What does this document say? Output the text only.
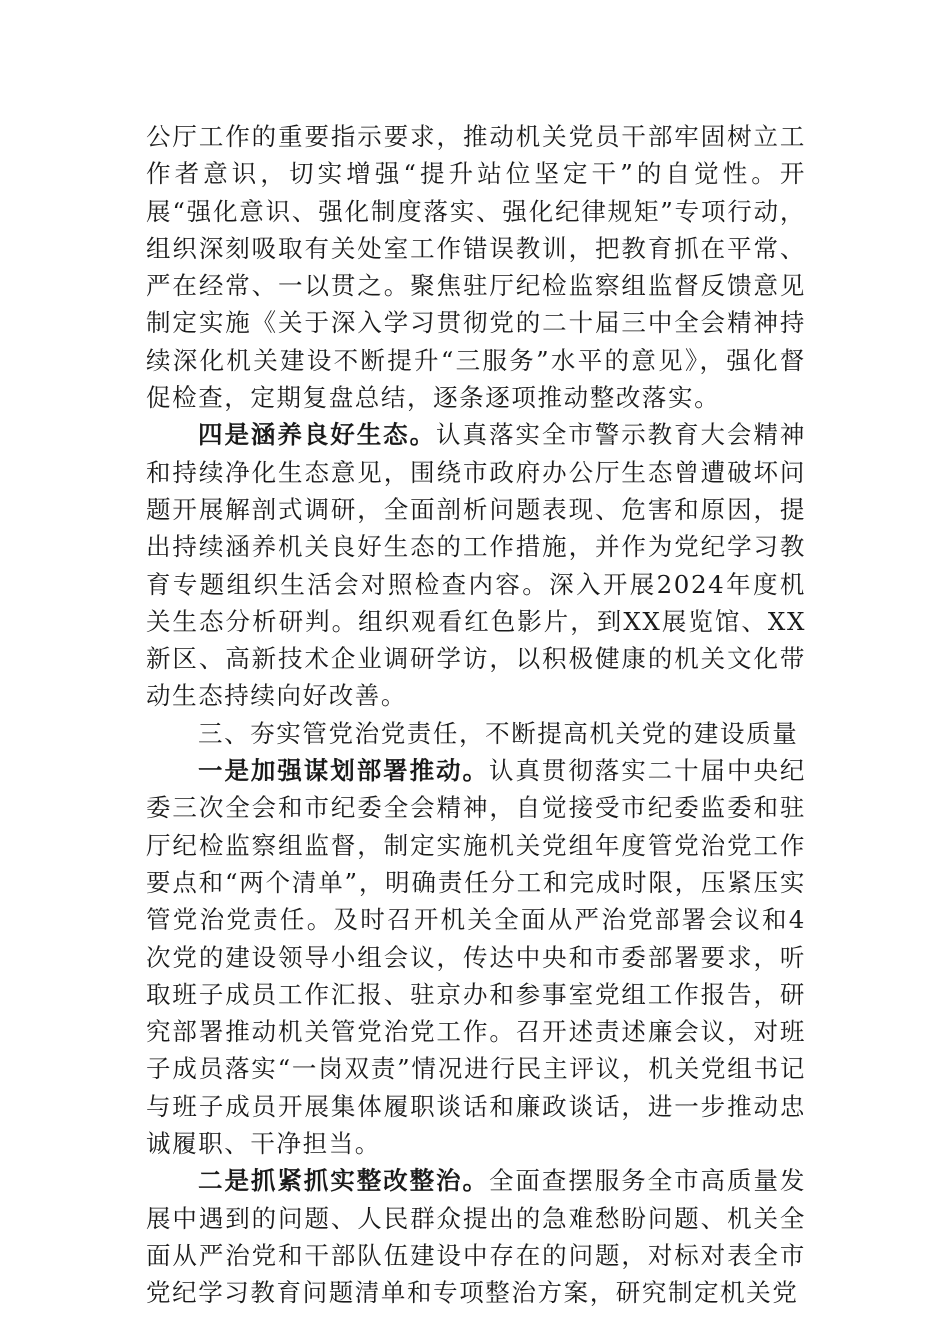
公厅工作的重要指示要求，推动机关党员干部牢固树立工作者意识，切实增强“提升站位坚定干”的自觉性。开展“强化意识、强化制度落实、强化纪律规矩”专项行动，组织深刻吸取有关处室工作错误教训，把教育抓在平常、严在经常、一以贯之。聚焦驻厅纪检监察组监督反馈意见制定实施《关于深入学习贯彻党的二十届三中全会精神持续深化机关建设不断提升“三服务”水平的意见》，强化督促检查，定期复盘总结，逐条逐项推动整改落实。

四是涵养良好生态。认真落实全市警示教育大会精神和持续净化生态意见，围绕市政府办公厅生态曾遭破坏问题开展解剖式调研，全面剖析问题表现、危害和原因，提出持续涵养机关良好生态的工作措施，并作为党纪学习教育专题组织生活会对照检查内容。深入开展2024年度机关生态分析研判。组织观看红色影片，到XX展览馆、XX新区、高新技术企业调研学访，以积极健康的机关文化带动生态持续向好改善。

三、夯实管党治党责任，不断提高机关党的建设质量

一是加强谋划部署推动。认真贯彻落实二十届中央纪委三次全会和市纪委全会精神，自觉接受市纪委监委和驻厅纪检监察组监督，制定实施机关党组年度管党治党工作要点和“两个清单”，明确责任分工和完成时限，压紧压实管党治党责任。及时召开机关全面从严治党部署会议和4次党的建设领导小组会议，传达中央和市委部署要求，听取班子成员工作汇报、驻京办和参事室党组工作报告，研究部署推动机关管党治党工作。召开述责述廉会议，对班子成员落实“一岗双责”情况进行民主评议，机关党组书记与班子成员开展集体履职谈话和廉政谈话，进一步推动忠诚履职、干净担当。

二是抓紧抓实整改整治。全面查摆服务全市高质量发展中遇到的问题、人民群众提出的急难愁盼问题、机关全面从严治党和干部队伍建设中存在的问题，对标对表全市党纪学习教育问题清单和专项整治方案，研究制定机关党
